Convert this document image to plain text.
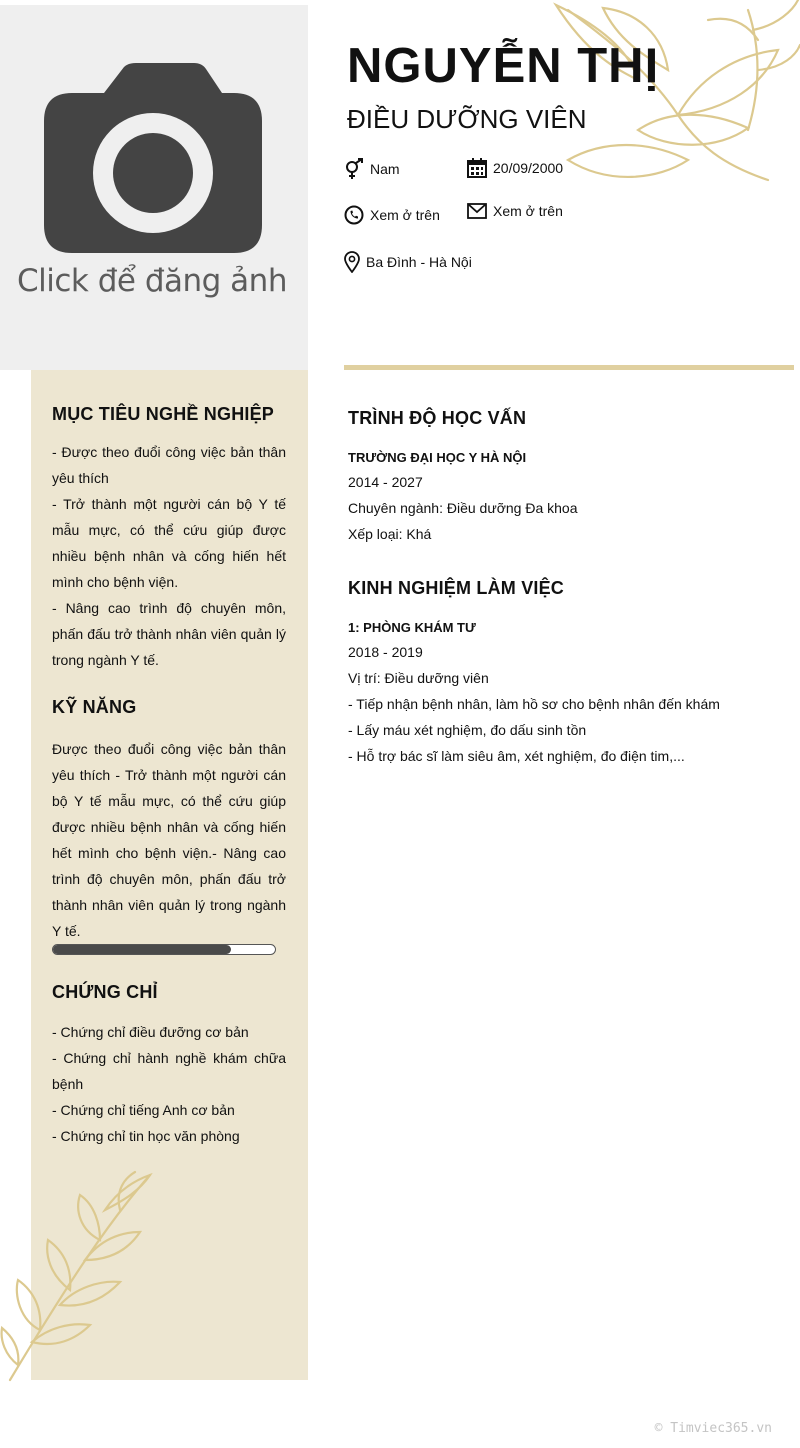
Click để đăng ảnh
MỤC TIÊU NGHỀ NGHIỆP
- Được theo đuổi công việc bản thân yêu thích
- Trở thành một người cán bộ Y tế mẫu mực, có thể cứu giúp được nhiều bệnh nhân và cống hiến hết mình cho bệnh viện.
- Nâng cao trình độ chuyên môn, phấn đấu trở thành nhân viên quản lý trong ngành Y tế.
KỸ NĂNG
Được theo đuổi công việc bản thân yêu thích - Trở thành một người cán bộ Y tế mẫu mực, có thể cứu giúp được nhiều bệnh nhân và cống hiến hết mình cho bệnh viện.- Nâng cao trình độ chuyên môn, phấn đấu trở thành nhân viên quản lý trong ngành Y tế.
CHỨNG CHỈ
- Chứng chỉ điều đưỡng cơ bản
- Chứng chỉ hành nghề khám chữa bệnh
- Chứng chỉ tiếng Anh cơ bản
- Chứng chỉ tin học văn phòng
NGUYỄN THỊ
ĐIỀU DƯỠNG VIÊN
Nam	20/09/2000
Xem ở trên	Xem ở trên
Ba Đình - Hà Nội
TRÌNH ĐỘ HỌC VẤN
TRƯỜNG ĐẠI HỌC Y HÀ NỘI
2014 - 2027
Chuyên ngành: Điều dưỡng Đa khoa
Xếp loại: Khá
KINH NGHIỆM LÀM VIỆC
1: PHÒNG KHÁM TƯ
2018 - 2019
Vị trí: Điều dưỡng viên
- Tiếp nhận bệnh nhân, làm hồ sơ cho bệnh nhân đến khám
- Lấy máu xét nghiệm, đo dấu sinh tồn
- Hỗ trợ bác sĩ làm siêu âm, xét nghiệm, đo điện tim,...
© Timviec365.vn
